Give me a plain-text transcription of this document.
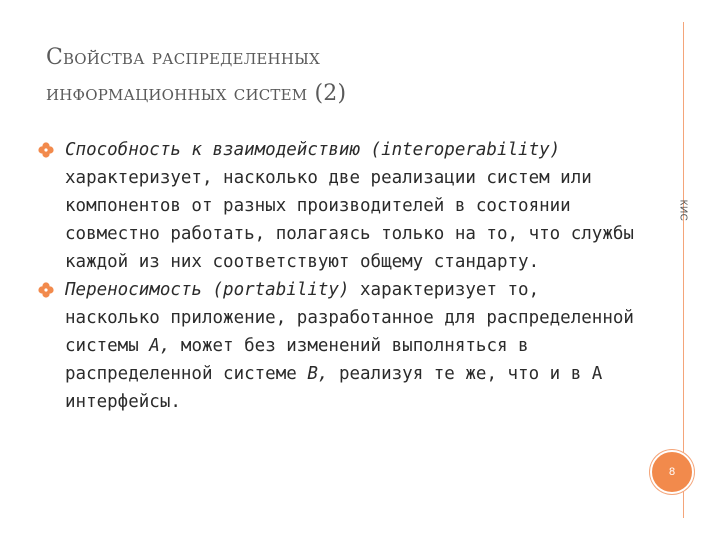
Свойства распределенных
информационных систем (2)
КИС
Способность к взаимодействию (interoperability) характеризует, насколько две реализации систем или компонентов от разных производителей в состоянии совместно работать, полагаясь только на то, что службы каждой из них соответствуют общему стандарту.
Переносимость (portability) характеризует то, насколько приложение, разработанное для распределенной системы А, может без изменений выполняться в распределенной системе В, реализуя те же, что и в А интерфейсы.
8
